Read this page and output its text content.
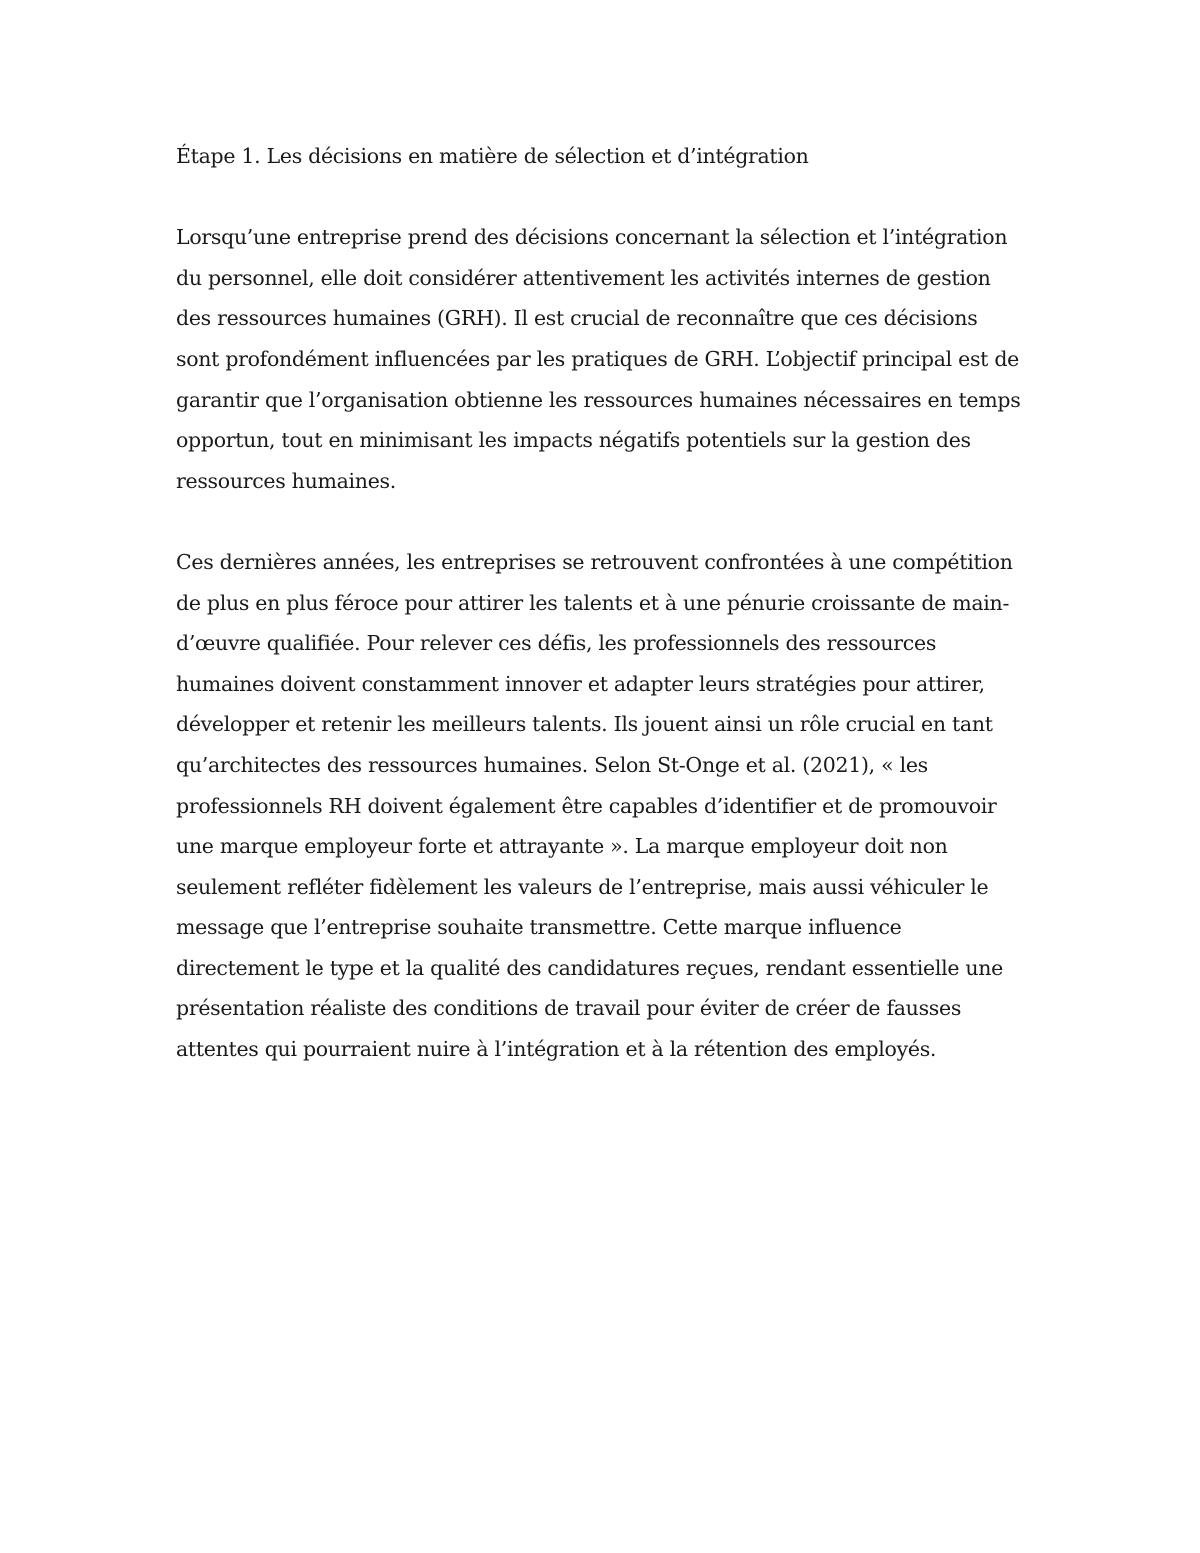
Étape 1. Les décisions en matière de sélection et d’intégration

Lorsqu’une entreprise prend des décisions concernant la sélection et l’intégration du personnel, elle doit considérer attentivement les activités internes de gestion des ressources humaines (GRH). Il est crucial de reconnaître que ces décisions sont profondément influencées par les pratiques de GRH. L’objectif principal est de garantir que l’organisation obtienne les ressources humaines nécessaires en temps opportun, tout en minimisant les impacts négatifs potentiels sur la gestion des ressources humaines.

Ces dernières années, les entreprises se retrouvent confrontées à une compétition de plus en plus féroce pour attirer les talents et à une pénurie croissante de main-d’œuvre qualifiée. Pour relever ces défis, les professionnels des ressources humaines doivent constamment innover et adapter leurs stratégies pour attirer, développer et retenir les meilleurs talents. Ils jouent ainsi un rôle crucial en tant qu’architectes des ressources humaines. Selon St-Onge et al. (2021), « les professionnels RH doivent également être capables d’identifier et de promouvoir une marque employeur forte et attrayante ». La marque employeur doit non seulement refléter fidèlement les valeurs de l’entreprise, mais aussi véhiculer le message que l’entreprise souhaite transmettre. Cette marque influence directement le type et la qualité des candidatures reçues, rendant essentielle une présentation réaliste des conditions de travail pour éviter de créer de fausses attentes qui pourraient nuire à l’intégration et à la rétention des employés.
